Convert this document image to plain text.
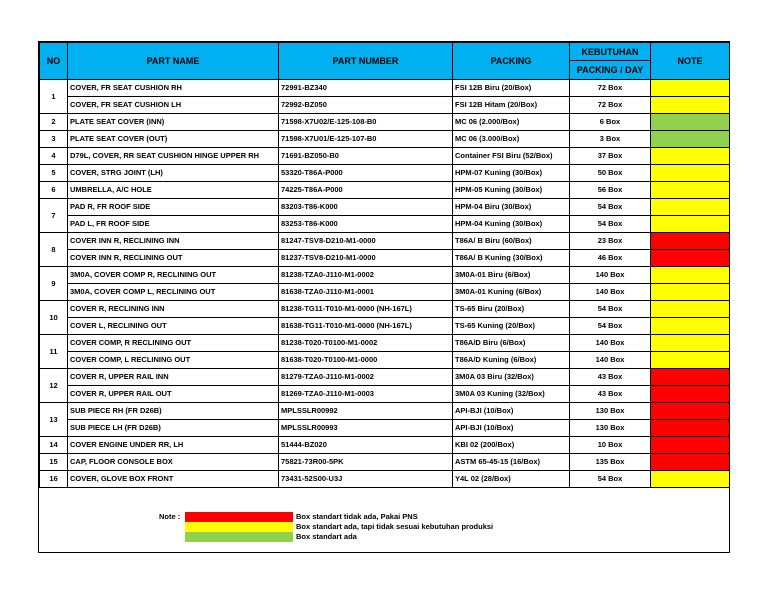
NO	PART NAME	PART NUMBER	PACKING	KEBUTUHAN	NOTE
				PACKING / DAY	
1	COVER, FR SEAT CUSHION RH	72991-BZ340	FSI 12B Biru (20/Box)	72 Box	
	COVER, FR SEAT CUSHION LH	72992-BZ050	FSI 12B Hitam (20/Box)	72 Box	
2	PLATE SEAT COVER (INN)	71598-X7U02/E-125-108-B0	MC 06 (2.000/Box)	6 Box	
3	PLATE SEAT COVER (OUT)	71598-X7U01/E-125-107-B0	MC 06 (3.000/Box)	3 Box	
4	D79L, COVER, RR SEAT CUSHION HINGE UPPER RH	71691-BZ050-B0	Container FSI Biru (52/Box)	37 Box	
5	COVER, STRG JOINT (LH)	53320-T86A-P000	HPM-07 Kuning (30/Box)	50 Box	
6	UMBRELLA, A/C HOLE	74225-T86A-P000	HPM-05 Kuning (30/Box)	56 Box	
7	PAD R, FR ROOF SIDE	83203-T86-K000	HPM-04 Biru (30/Box)	54 Box	
	PAD L, FR ROOF SIDE	83253-T86-K000	HPM-04 Kuning (30/Box)	54 Box	
8	COVER INN R, RECLINING INN	81247-TSV8-D210-M1-0000	T86A/ B Biru (60/Box)	23 Box	
	COVER INN R, RECLINING OUT	81237-TSV8-D210-M1-0000	T86A/ B Kuning (30/Box)	46 Box	
9	3M0A, COVER COMP R, RECLINING OUT	81238-TZA0-J110-M1-0002	3M0A-01 Biru (6/Box)	140 Box	
	3M0A, COVER COMP L, RECLINING OUT	81638-TZA0-J110-M1-0001	3M0A-01 Kuning (6/Box)	140 Box	
10	COVER R, RECLINING INN	81238-TG11-T010-M1-0000 (NH-167L)	TS-65 Biru (20/Box)	54 Box	
	COVER L, RECLINING OUT	81638-TG11-T010-M1-0000 (NH-167L)	TS-65 Kuning (20/Box)	54 Box	
11	COVER COMP, R RECLINING OUT	81238-T020-T0100-M1-0002	T86A/D Biru (6/Box)	140 Box	
	COVER COMP, L RECLINING OUT	81638-T020-T0100-M1-0000	T86A/D Kuning (6/Box)	140 Box	
12	COVER R, UPPER RAIL INN	81279-TZA0-J110-M1-0002	3M0A 03 Biru (32/Box)	43 Box	
	COVER R, UPPER RAIL OUT	81269-TZA0-J110-M1-0003	3M0A 03 Kuning (32/Box)	43 Box	
13	SUB PIECE RH (FR D26B)	MPLSSLR00992	API-BJI (10/Box)	130 Box	
	SUB PIECE LH (FR D26B)	MPLSSLR00993	API-BJI (10/Box)	130 Box	
14	COVER ENGINE UNDER RR, LH	51444-BZ020	KBI 02 (200/Box)	10 Box	
15	CAP, FLOOR CONSOLE BOX	75821-73R00-5PK	ASTM 65-45-15 (16/Box)	135 Box	
16	COVER, GLOVE BOX FRONT	73431-52S00-U3J	Y4L 02 (28/Box)	54 Box	
Note :	Box standart tidak ada, Pakai PNS
Box standart ada, tapi tidak sesuai kebutuhan produksi
Box standart ada
